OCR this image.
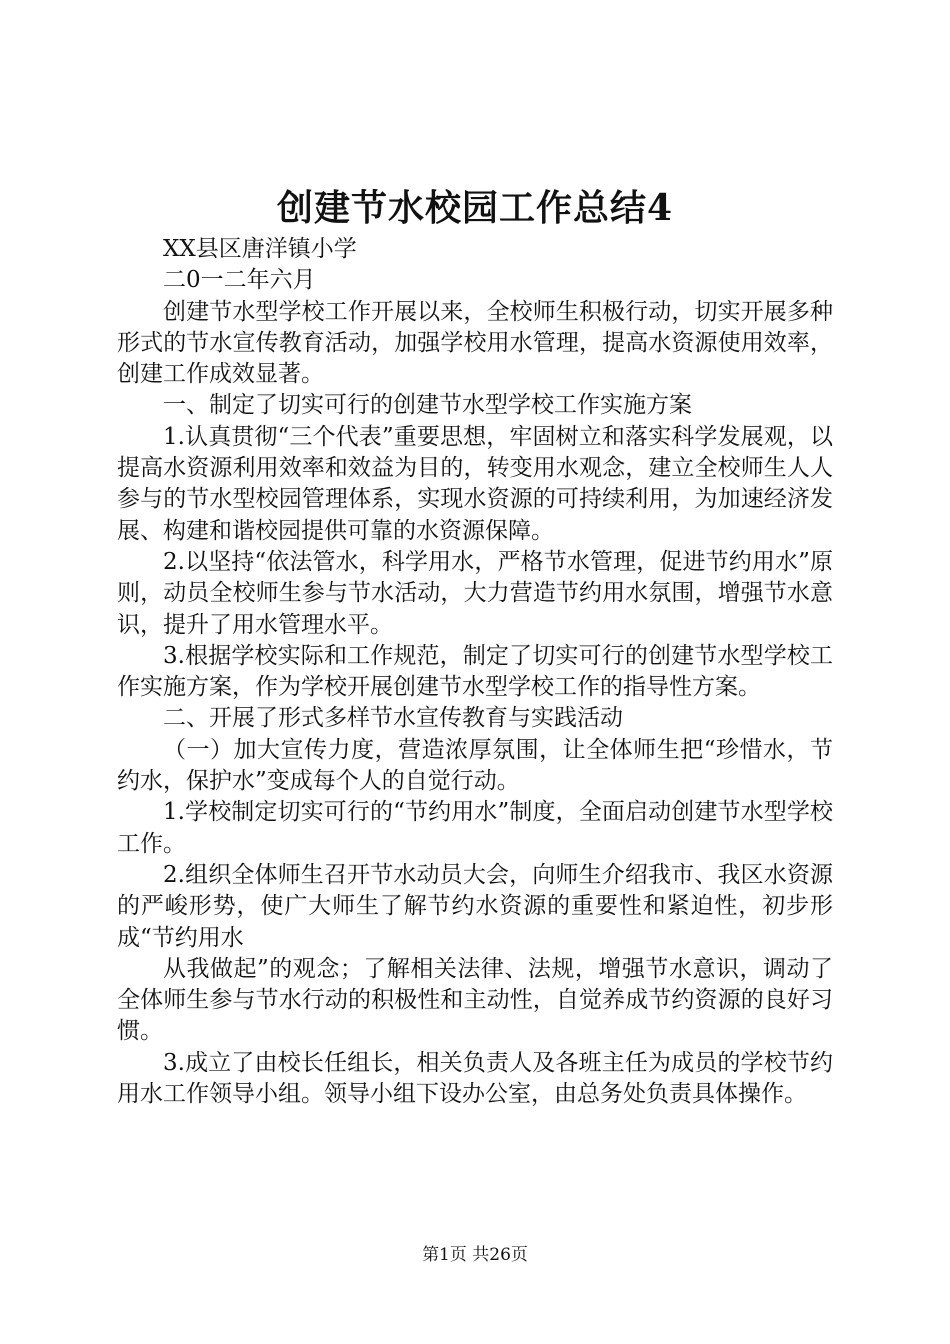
创建节水校园工作总结4

XX县区唐洋镇小学

二0一二年六月

创建节水型学校工作开展以来，全校师生积极行动，切实开展多种形式的节水宣传教育活动，加强学校用水管理，提高水资源使用效率，创建工作成效显著。

一、制定了切实可行的创建节水型学校工作实施方案

1.认真贯彻“三个代表”重要思想，牢固树立和落实科学发展观，以提高水资源利用效率和效益为目的，转变用水观念，建立全校师生人人参与的节水型校园管理体系，实现水资源的可持续利用，为加速经济发展、构建和谐校园提供可靠的水资源保障。

2.以坚持“依法管水，科学用水，严格节水管理，促进节约用水”原则，动员全校师生参与节水活动，大力营造节约用水氛围，增强节水意识，提升了用水管理水平。

3.根据学校实际和工作规范，制定了切实可行的创建节水型学校工作实施方案，作为学校开展创建节水型学校工作的指导性方案。

二、开展了形式多样节水宣传教育与实践活动

（一）加大宣传力度，营造浓厚氛围，让全体师生把“珍惜水，节约水，保护水”变成每个人的自觉行动。

1.学校制定切实可行的“节约用水”制度，全面启动创建节水型学校工作。

2.组织全体师生召开节水动员大会，向师生介绍我市、我区水资源的严峻形势，使广大师生了解节约水资源的重要性和紧迫性，初步形成“节约用水

从我做起”的观念；了解相关法律、法规，增强节水意识，调动了全体师生参与节水行动的积极性和主动性，自觉养成节约资源的良好习惯。

3.成立了由校长任组长，相关负责人及各班主任为成员的学校节约用水工作领导小组。领导小组下设办公室，由总务处负责具体操作。

第1页 共26页
